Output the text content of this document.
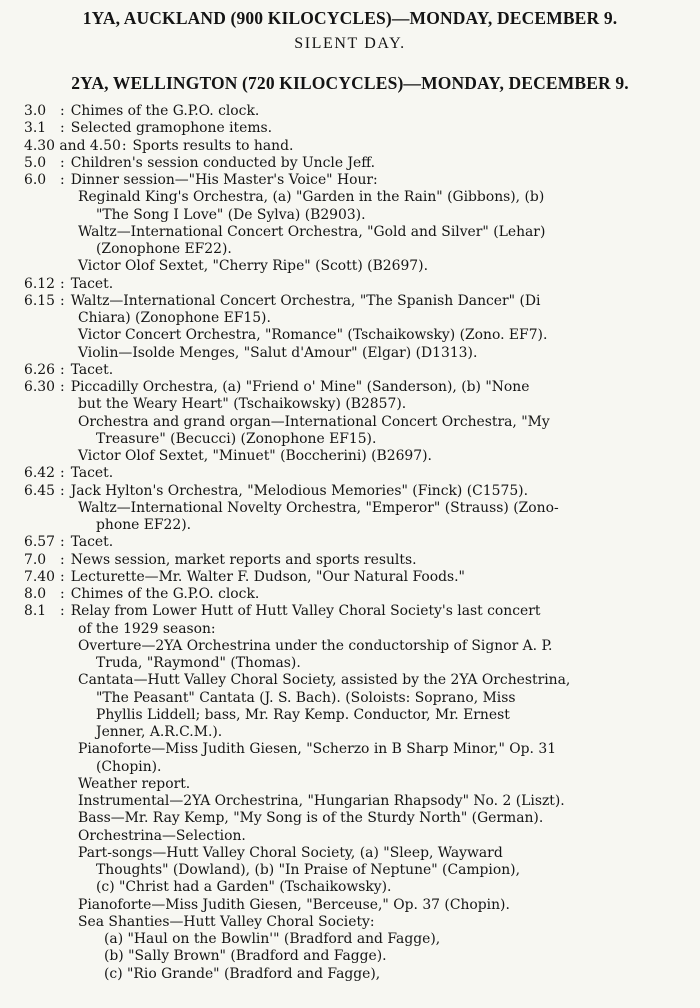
1YA, AUCKLAND (900 KILOCYCLES)—MONDAY, DECEMBER 9.
SILENT DAY.
2YA, WELLINGTON (720 KILOCYCLES)—MONDAY, DECEMBER 9.
3.0	: Chimes of the G.P.O. clock.
3.1	: Selected gramophone items.
4.30 and 4.50 : Sports results to hand.
5.0	: Children's session conducted by Uncle Jeff.
6.0	: Dinner session—"His Master's Voice" Hour:
Reginald King's Orchestra, (a) "Garden in the Rain" (Gibbons), (b)
"The Song I Love" (De Sylva) (B2903).
Waltz—International Concert Orchestra, "Gold and Silver" (Lehar)
(Zonophone EF22).
Victor Olof Sextet, "Cherry Ripe" (Scott) (B2697).
6.12 : Tacet.
6.15 : Waltz—International Concert Orchestra, "The Spanish Dancer" (Di
Chiara) (Zonophone EF15).
Victor Concert Orchestra, "Romance" (Tschaikowsky) (Zono. EF7).
Violin—Isolde Menges, "Salut d'Amour" (Elgar) (D1313).
6.26 : Tacet.
6.30 : Piccadilly Orchestra, (a) "Friend o' Mine" (Sanderson), (b) "None
but the Weary Heart" (Tschaikowsky) (B2857).
Orchestra and grand organ—International Concert Orchestra, "My
Treasure" (Becucci) (Zonophone EF15).
Victor Olof Sextet, "Minuet" (Boccherini) (B2697).
6.42 : Tacet.
6.45 : Jack Hylton's Orchestra, "Melodious Memories" (Finck) (C1575).
Waltz—International Novelty Orchestra, "Emperor" (Strauss) (Zono-
phone EF22).
6.57 : Tacet.
7.0	: News session, market reports and sports results.
7.40 : Lecturette—Mr. Walter F. Dudson, "Our Natural Foods."
8.0	: Chimes of the G.P.O. clock.
8.1	: Relay from Lower Hutt of Hutt Valley Choral Society's last concert
of the 1929 season:
Overture—2YA Orchestrina under the conductorship of Signor A. P.
Truda, "Raymond" (Thomas).
Cantata—Hutt Valley Choral Society, assisted by the 2YA Orchestrina,
"The Peasant" Cantata (J. S. Bach). (Soloists: Soprano, Miss
Phyllis Liddell; bass, Mr. Ray Kemp. Conductor, Mr. Ernest
Jenner, A.R.C.M.).
Pianoforte—Miss Judith Giesen, "Scherzo in B Sharp Minor," Op. 31
(Chopin).
Weather report.
Instrumental—2YA Orchestrina, "Hungarian Rhapsody" No. 2 (Liszt).
Bass—Mr. Ray Kemp, "My Song is of the Sturdy North" (German).
Orchestrina—Selection.
Part-songs—Hutt Valley Choral Society, (a) "Sleep, Wayward
Thoughts" (Dowland), (b) "In Praise of Neptune" (Campion),
(c) "Christ had a Garden" (Tschaikowsky).
Pianoforte—Miss Judith Giesen, "Berceuse," Op. 37 (Chopin).
Sea Shanties—Hutt Valley Choral Society:
(a) "Haul on the Bowlin'" (Bradford and Fagge),
(b) "Sally Brown" (Bradford and Fagge).
(c) "Rio Grande" (Bradford and Fagge),
